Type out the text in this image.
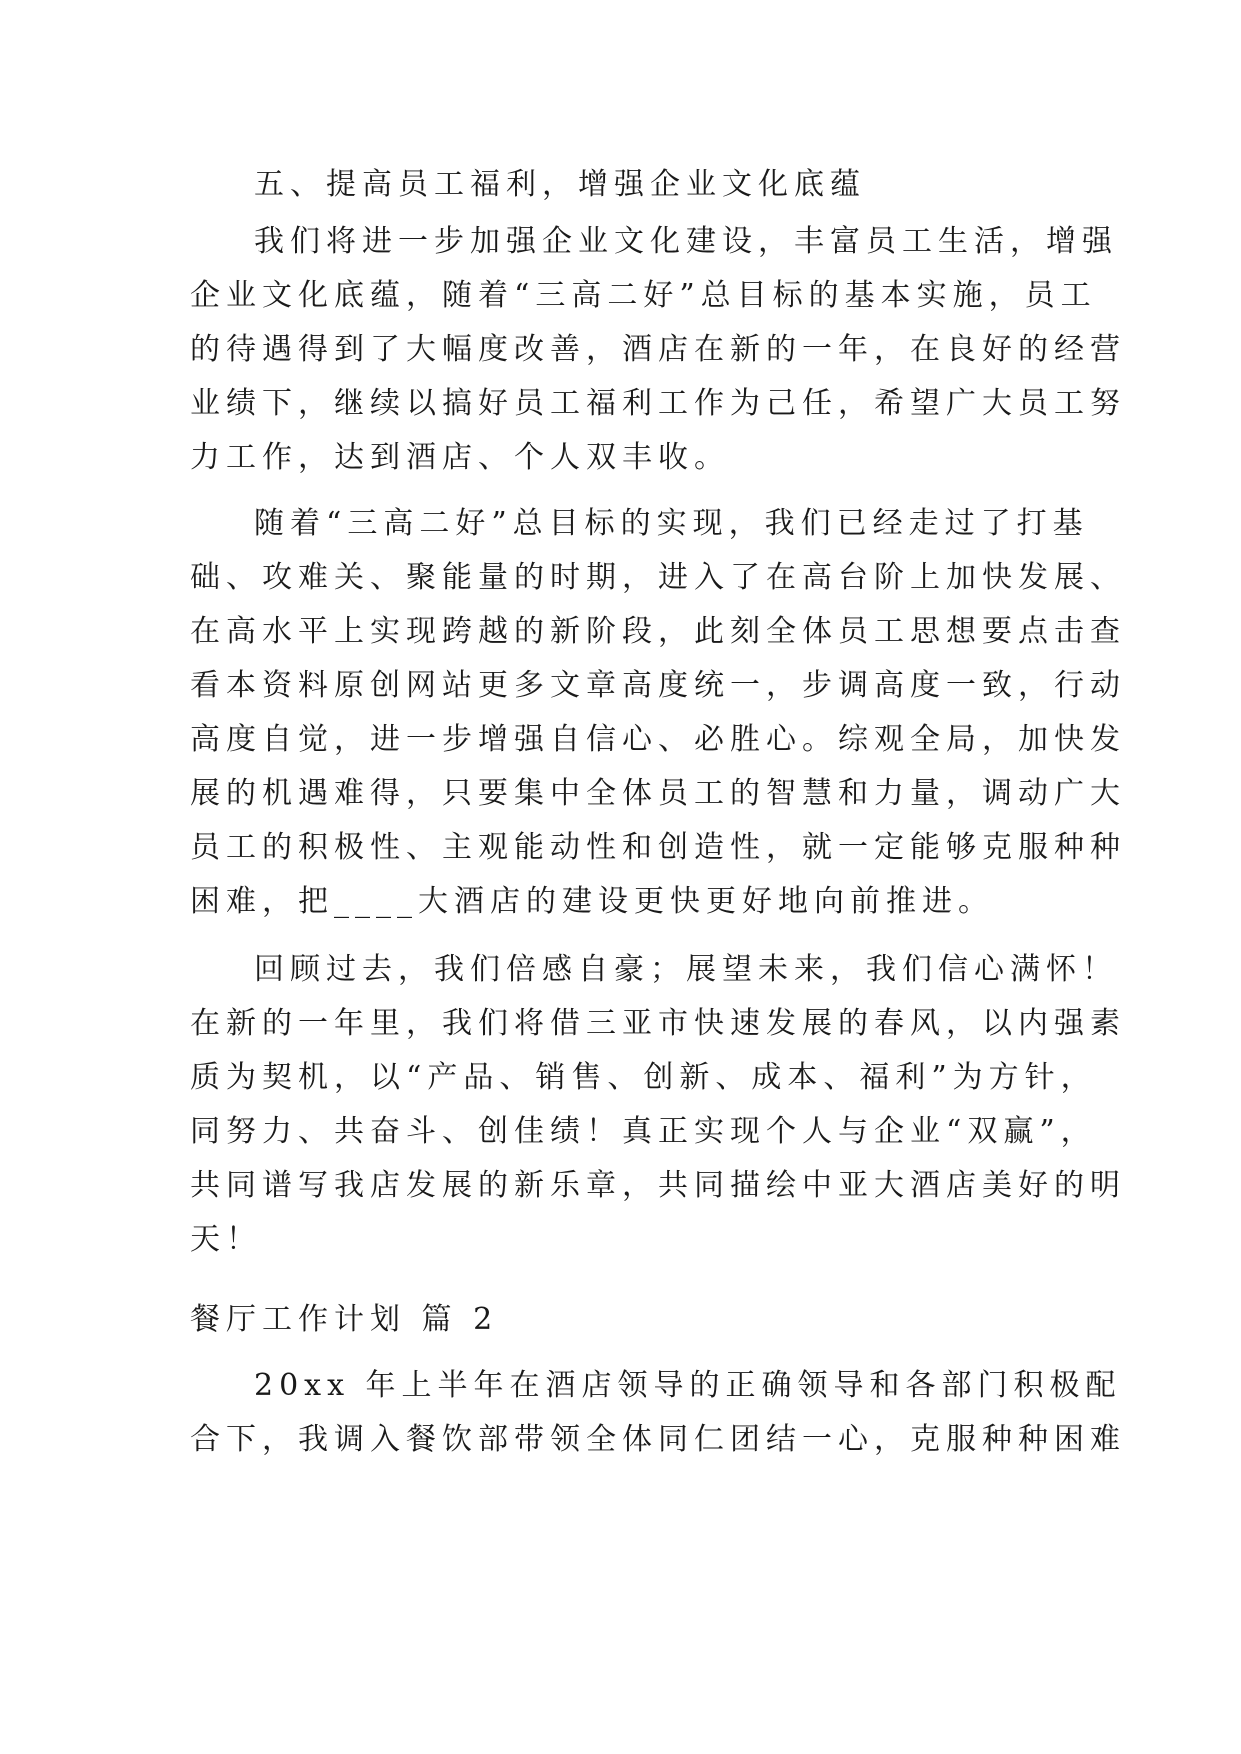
五、提高员工福利，增强企业文化底蕴
我们将进一步加强企业文化建设，丰富员工生活，增强
企业文化底蕴，随着“三高二好”总目标的基本实施，员工
的待遇得到了大幅度改善，酒店在新的一年，在良好的经营
业绩下，继续以搞好员工福利工作为己任，希望广大员工努
力工作，达到酒店、个人双丰收。
随着“三高二好”总目标的实现，我们已经走过了打基
础、攻难关、聚能量的时期，进入了在高台阶上加快发展、
在高水平上实现跨越的新阶段，此刻全体员工思想要点击查
看本资料原创网站更多文章高度统一，步调高度一致，行动
高度自觉，进一步增强自信心、必胜心。综观全局，加快发
展的机遇难得，只要集中全体员工的智慧和力量，调动广大
员工的积极性、主观能动性和创造性，就一定能够克服种种
困难，把____大酒店的建设更快更好地向前推进。
回顾过去，我们倍感自豪；展望未来，我们信心满怀！
在新的一年里，我们将借三亚市快速发展的春风，以内强素
质为契机，以“产品、销售、创新、成本、福利”为方针，
同努力、共奋斗、创佳绩！真正实现个人与企业“双赢”，
共同谱写我店发展的新乐章，共同描绘中亚大酒店美好的明
天！
餐厅工作计划 篇 2
20xx 年上半年在酒店领导的正确领导和各部门积极配
合下，我调入餐饮部带领全体同仁团结一心，克服种种困难
